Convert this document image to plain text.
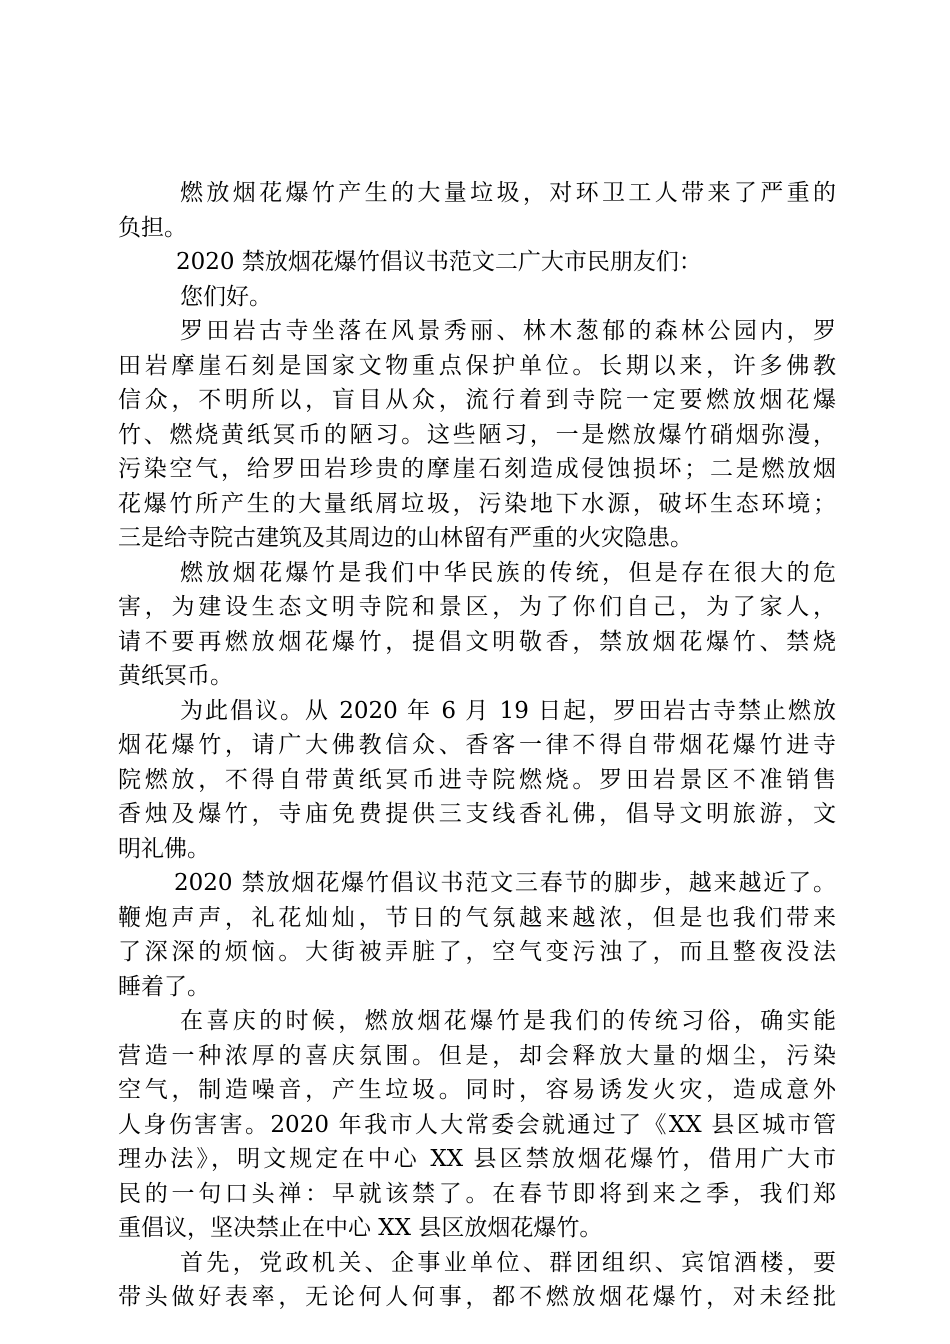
燃放烟花爆竹产生的大量垃圾，对环卫工人带来了严重的
负担。
2020 禁放烟花爆竹倡议书范文二广大市民朋友们：
您们好。
罗田岩古寺坐落在风景秀丽、林木葱郁的森林公园内，罗
田岩摩崖石刻是国家文物重点保护单位。长期以来，许多佛教
信众，不明所以，盲目从众，流行着到寺院一定要燃放烟花爆
竹、燃烧黄纸冥币的陋习。这些陋习，一是燃放爆竹硝烟弥漫，
污染空气，给罗田岩珍贵的摩崖石刻造成侵蚀损坏；二是燃放烟
花爆竹所产生的大量纸屑垃圾，污染地下水源，破坏生态环境；
三是给寺院古建筑及其周边的山林留有严重的火灾隐患。
燃放烟花爆竹是我们中华民族的传统，但是存在很大的危
害，为建设生态文明寺院和景区，为了你们自己，为了家人，
请不要再燃放烟花爆竹，提倡文明敬香，禁放烟花爆竹、禁烧
黄纸冥币。
为此倡议。从 2020 年 6 月 19 日起，罗田岩古寺禁止燃放
烟花爆竹，请广大佛教信众、香客一律不得自带烟花爆竹进寺
院燃放，不得自带黄纸冥币进寺院燃烧。罗田岩景区不准销售
香烛及爆竹，寺庙免费提供三支线香礼佛，倡导文明旅游，文
明礼佛。
2020 禁放烟花爆竹倡议书范文三春节的脚步，越来越近了。
鞭炮声声，礼花灿灿，节日的气氛越来越浓，但是也我们带来
了深深的烦恼。大街被弄脏了，空气变污浊了，而且整夜没法
睡着了。
在喜庆的时候，燃放烟花爆竹是我们的传统习俗，确实能
营造一种浓厚的喜庆氛围。但是，却会释放大量的烟尘，污染
空气，制造噪音，产生垃圾。同时，容易诱发火灾，造成意外
人身伤害害。2020 年我市人大常委会就通过了《XX 县区城市管
理办法》，明文规定在中心 XX 县区禁放烟花爆竹，借用广大市
民的一句口头禅：早就该禁了。在春节即将到来之季，我们郑
重倡议，坚决禁止在中心 XX 县区放烟花爆竹。
首先，党政机关、企事业单位、群团组织、宾馆酒楼，要
带头做好表率，无论何人何事，都不燃放烟花爆竹，对未经批
